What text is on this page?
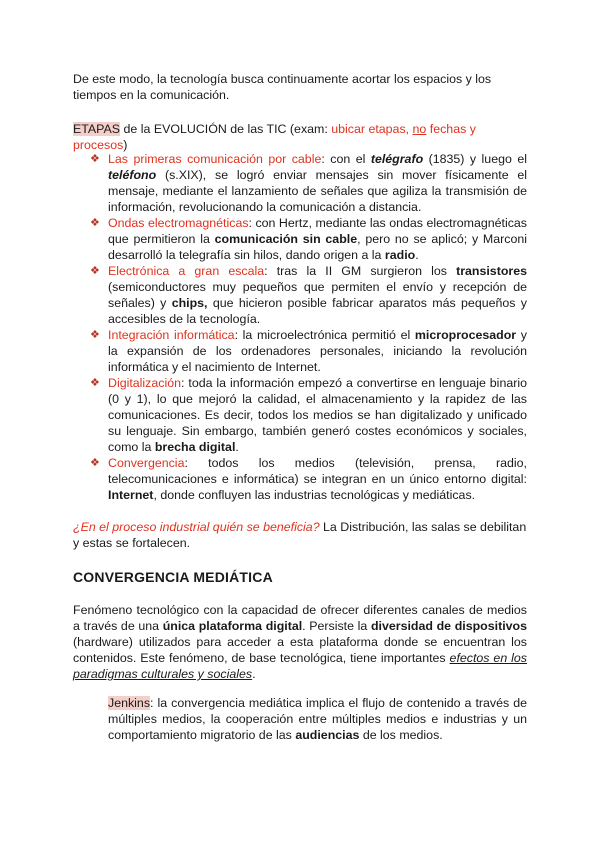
De este modo, la tecnología busca continuamente acortar los espacios y los tiempos en la comunicación.

ETAPAS de la EVOLUCIÓN de las TIC (exam: ubicar etapas, no fechas y procesos)

❖ Las primeras comunicación por cable: con el telégrafo (1835) y luego el teléfono (s.XIX), se logró enviar mensajes sin mover físicamente el mensaje, mediante el lanzamiento de señales que agiliza la transmisión de información, revolucionando la comunicación a distancia.
❖ Ondas electromagnéticas: con Hertz, mediante las ondas electromagnéticas que permitieron la comunicación sin cable, pero no se aplicó; y Marconi desarrolló la telegrafía sin hilos, dando origen a la radio.
❖ Electrónica a gran escala: tras la II GM surgieron los transistores (semiconductores muy pequeños que permiten el envío y recepción de señales) y chips, que hicieron posible fabricar aparatos más pequeños y accesibles de la tecnología.
❖ Integración informática: la microelectrónica permitió el microprocesador y la expansión de los ordenadores personales, iniciando la revolución informática y el nacimiento de Internet.
❖ Digitalización: toda la información empezó a convertirse en lenguaje binario (0 y 1), lo que mejoró la calidad, el almacenamiento y la rapidez de las comunicaciones. Es decir, todos los medios se han digitalizado y unificado su lenguaje. Sin embargo, también generó costes económicos y sociales, como la brecha digital.
❖ Convergencia: todos los medios (televisión, prensa, radio, telecomunicaciones e informática) se integran en un único entorno digital: Internet, donde confluyen las industrias tecnológicas y mediáticas.

¿En el proceso industrial quién se beneficia? La Distribución, las salas se debilitan y estas se fortalecen.

CONVERGENCIA MEDIÁTICA

Fenómeno tecnológico con la capacidad de ofrecer diferentes canales de medios a través de una única plataforma digital. Persiste la diversidad de dispositivos (hardware) utilizados para acceder a esta plataforma donde se encuentran los contenidos. Este fenómeno, de base tecnológica, tiene importantes efectos en los paradigmas culturales y sociales.

Jenkins: la convergencia mediática implica el flujo de contenido a través de múltiples medios, la cooperación entre múltiples medios e industrias y un comportamiento migratorio de las audiencias de los medios.
